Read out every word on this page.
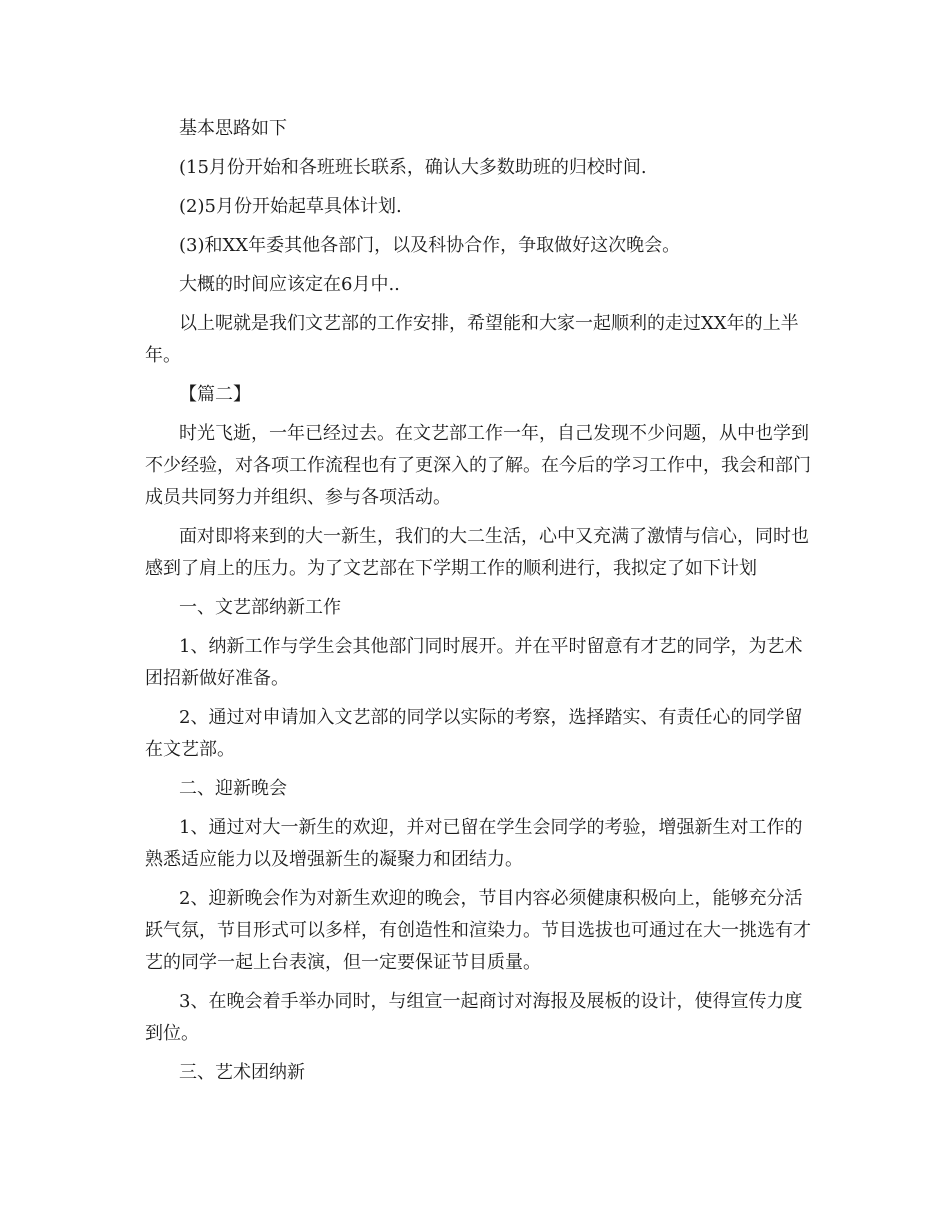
基本思路如下

(15月份开始和各班班长联系，确认大多数助班的归校时间.

(2)5月份开始起草具体计划.

(3)和XX年委其他各部门，以及科协合作，争取做好这次晚会。

大概的时间应该定在6月中..

以上呢就是我们文艺部的工作安排，希望能和大家一起顺利的走过XX年的上半年。

【篇二】

时光飞逝，一年已经过去。在文艺部工作一年，自己发现不少问题，从中也学到不少经验，对各项工作流程也有了更深入的了解。在今后的学习工作中，我会和部门成员共同努力并组织、参与各项活动。

面对即将来到的大一新生，我们的大二生活，心中又充满了激情与信心，同时也感到了肩上的压力。为了文艺部在下学期工作的顺利进行，我拟定了如下计划

一、文艺部纳新工作

1、纳新工作与学生会其他部门同时展开。并在平时留意有才艺的同学，为艺术团招新做好准备。

2、通过对申请加入文艺部的同学以实际的考察，选择踏实、有责任心的同学留在文艺部。

二、迎新晚会

1、通过对大一新生的欢迎，并对已留在学生会同学的考验，增强新生对工作的熟悉适应能力以及增强新生的凝聚力和团结力。

2、迎新晚会作为对新生欢迎的晚会，节目内容必须健康积极向上，能够充分活跃气氛，节目形式可以多样，有创造性和渲染力。节目选拔也可通过在大一挑选有才艺的同学一起上台表演，但一定要保证节目质量。

3、在晚会着手举办同时，与组宣一起商讨对海报及展板的设计，使得宣传力度到位。

三、艺术团纳新
